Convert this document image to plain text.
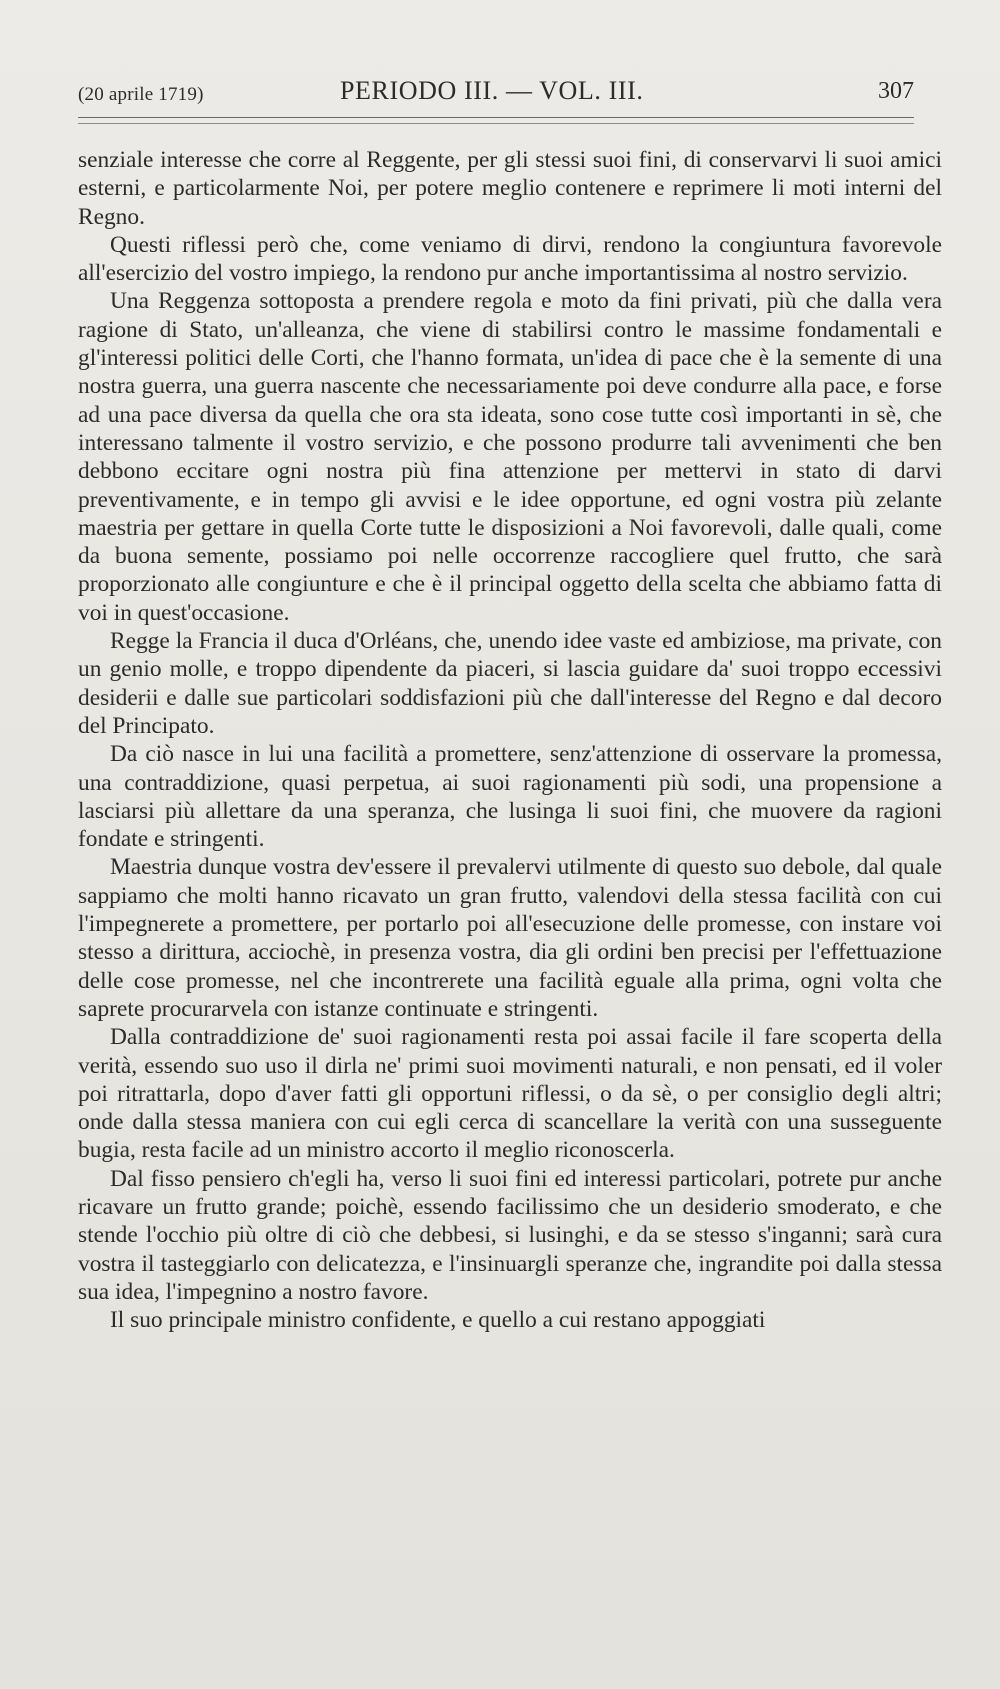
(20 aprile 1719)	PERIODO III. — VOL. III.	307

senziale interesse che corre al Reggente, per gli stessi suoi fini, di conservarvi li suoi amici esterni, e particolarmente Noi, per potere meglio contenere e reprimere li moti interni del Regno.

Questi riflessi però che, come veniamo di dirvi, rendono la congiuntura favorevole all'esercizio del vostro impiego, la rendono pur anche importantissima al nostro servizio.

Una Reggenza sottoposta a prendere regola e moto da fini privati, più che dalla vera ragione di Stato, un'alleanza, che viene di stabilirsi contro le massime fondamentali e gl'interessi politici delle Corti, che l'hanno formata, un'idea di pace che è la semente di una nostra guerra, una guerra nascente che necessariamente poi deve condurre alla pace, e forse ad una pace diversa da quella che ora sta ideata, sono cose tutte così importanti in sè, che interessano talmente il vostro servizio, e che possono produrre tali avvenimenti che ben debbono eccitare ogni nostra più fina attenzione per mettervi in stato di darvi preventivamente, e in tempo gli avvisi e le idee opportune, ed ogni vostra più zelante maestria per gettare in quella Corte tutte le disposizioni a Noi favorevoli, dalle quali, come da buona semente, possiamo poi nelle occorrenze raccogliere quel frutto, che sarà proporzionato alle congiunture e che è il principal oggetto della scelta che abbiamo fatta di voi in quest'occasione.

Regge la Francia il duca d'Orléans, che, unendo idee vaste ed ambiziose, ma private, con un genio molle, e troppo dipendente da piaceri, si lascia guidare da' suoi troppo eccessivi desiderii e dalle sue particolari soddisfazioni più che dall'interesse del Regno e dal decoro del Principato.

Da ciò nasce in lui una facilità a promettere, senz'attenzione di osservare la promessa, una contraddizione, quasi perpetua, ai suoi ragionamenti più sodi, una propensione a lasciarsi più allettare da una speranza, che lusinga li suoi fini, che muovere da ragioni fondate e stringenti.

Maestria dunque vostra dev'essere il prevalervi utilmente di questo suo debole, dal quale sappiamo che molti hanno ricavato un gran frutto, valendovi della stessa facilità con cui l'impegnerete a promettere, per portarlo poi all'esecuzione delle promesse, con instare voi stesso a dirittura, acciochè, in presenza vostra, dia gli ordini ben precisi per l'effettuazione delle cose promesse, nel che incontrerete una facilità eguale alla prima, ogni volta che saprete procurarvela con istanze continuate e stringenti.

Dalla contraddizione de' suoi ragionamenti resta poi assai facile il fare scoperta della verità, essendo suo uso il dirla ne' primi suoi movimenti naturali, e non pensati, ed il voler poi ritrattarla, dopo d'aver fatti gli opportuni riflessi, o da sè, o per consiglio degli altri; onde dalla stessa maniera con cui egli cerca di scancellare la verità con una susseguente bugia, resta facile ad un ministro accorto il meglio riconoscerla.

Dal fisso pensiero ch'egli ha, verso li suoi fini ed interessi particolari, potrete pur anche ricavare un frutto grande; poichè, essendo facilissimo che un desiderio smoderato, e che stende l'occhio più oltre di ciò che debbesi, si lusinghi, e da se stesso s'inganni; sarà cura vostra il tasteggiarlo con delicatezza, e l'insinuargli speranze che, ingrandite poi dalla stessa sua idea, l'impegnino a nostro favore.

Il suo principale ministro confidente, e quello a cui restano appoggiati
